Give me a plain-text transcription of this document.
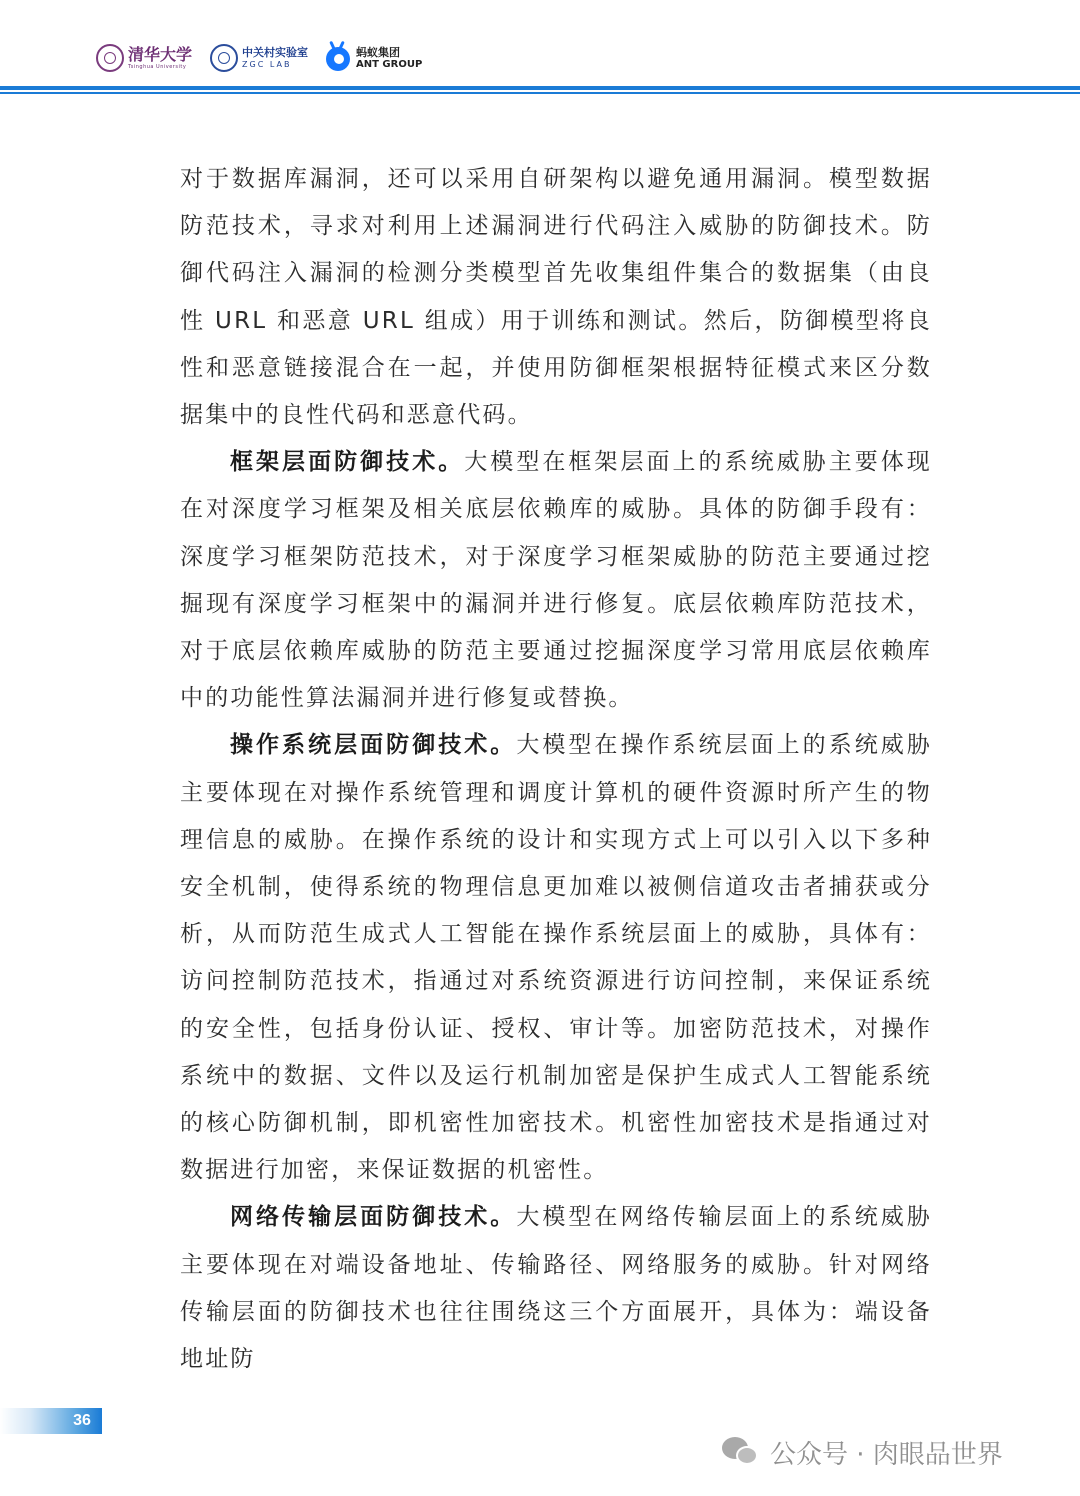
清华大学
Tsinghua University
中关村实验室
ZGC LAB
蚂蚁集团
ANT GROUP

对于数据库漏洞，还可以采用自研架构以避免通用漏洞。模型数据防范技术，寻求对利用上述漏洞进行代码注入威胁的防御技术。防御代码注入漏洞的检测分类模型首先收集组件集合的数据集（由良性 URL 和恶意 URL 组成）用于训练和测试。然后，防御模型将良性和恶意链接混合在一起，并使用防御框架根据特征模式来区分数据集中的良性代码和恶意代码。

框架层面防御技术。大模型在框架层面上的系统威胁主要体现在对深度学习框架及相关底层依赖库的威胁。具体的防御手段有：深度学习框架防范技术，对于深度学习框架威胁的防范主要通过挖掘现有深度学习框架中的漏洞并进行修复。底层依赖库防范技术，对于底层依赖库威胁的防范主要通过挖掘深度学习常用底层依赖库中的功能性算法漏洞并进行修复或替换。

操作系统层面防御技术。大模型在操作系统层面上的系统威胁主要体现在对操作系统管理和调度计算机的硬件资源时所产生的物理信息的威胁。在操作系统的设计和实现方式上可以引入以下多种安全机制，使得系统的物理信息更加难以被侧信道攻击者捕获或分析，从而防范生成式人工智能在操作系统层面上的威胁，具体有：访问控制防范技术，指通过对系统资源进行访问控制，来保证系统的安全性，包括身份认证、授权、审计等。加密防范技术，对操作系统中的数据、文件以及运行机制加密是保护生成式人工智能系统的核心防御机制，即机密性加密技术。机密性加密技术是指通过对数据进行加密，来保证数据的机密性。

网络传输层面防御技术。大模型在网络传输层面上的系统威胁主要体现在对端设备地址、传输路径、网络服务的威胁。针对网络传输层面的防御技术也往往围绕这三个方面展开，具体为：端设备地址防

36
公众号 · 肉眼品世界
